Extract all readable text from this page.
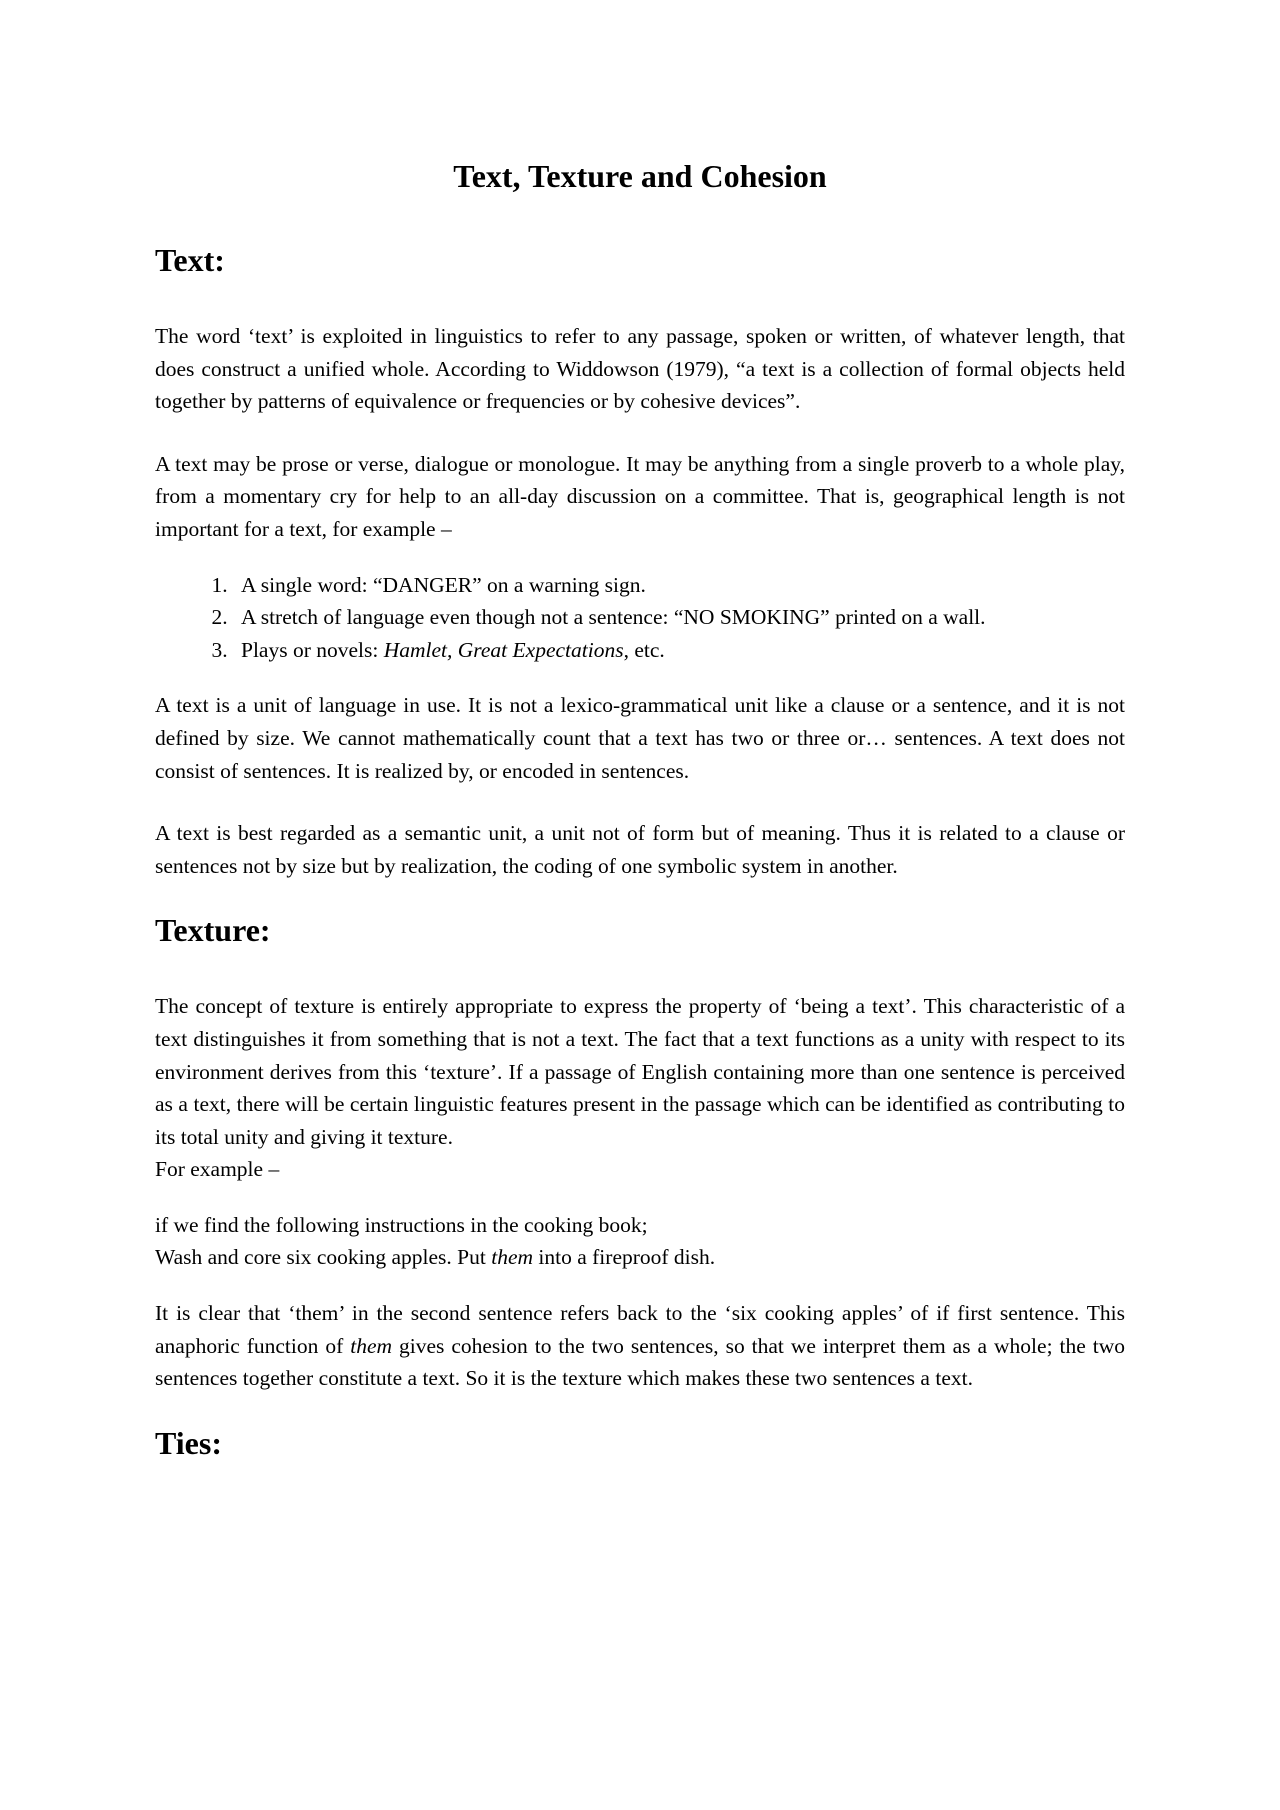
Text, Texture and Cohesion
Text:

The word ‘text’ is exploited in linguistics to refer to any passage, spoken or written, of whatever length, that does construct a unified whole. According to Widdowson (1979), “a text is a collection of formal objects held together by patterns of equivalence or frequencies or by cohesive devices”.

A text may be prose or verse, dialogue or monologue. It may be anything from a single proverb to a whole play, from a momentary cry for help to an all-day discussion on a committee. That is, geographical length is not important for a text, for example –

1. A single word: “DANGER” on a warning sign.
2. A stretch of language even though not a sentence: “NO SMOKING” printed on a wall.
3. Plays or novels: Hamlet, Great Expectations, etc.

A text is a unit of language in use. It is not a lexico-grammatical unit like a clause or a sentence, and it is not defined by size. We cannot mathematically count that a text has two or three or… sentences. A text does not consist of sentences. It is realized by, or encoded in sentences.

A text is best regarded as a semantic unit, a unit not of form but of meaning. Thus it is related to a clause or sentences not by size but by realization, the coding of one symbolic system in another.

Texture:

The concept of texture is entirely appropriate to express the property of ‘being a text’. This characteristic of a text distinguishes it from something that is not a text. The fact that a text functions as a unity with respect to its environment derives from this ‘texture’. If a passage of English containing more than one sentence is perceived as a text, there will be certain linguistic features present in the passage which can be identified as contributing to its total unity and giving it texture.
For example –

if we find the following instructions in the cooking book;
Wash and core six cooking apples. Put them into a fireproof dish.

It is clear that ‘them’ in the second sentence refers back to the ‘six cooking apples’ of if first sentence. This anaphoric function of them gives cohesion to the two sentences, so that we interpret them as a whole; the two sentences together constitute a text. So it is the texture which makes these two sentences a text.

Ties:
